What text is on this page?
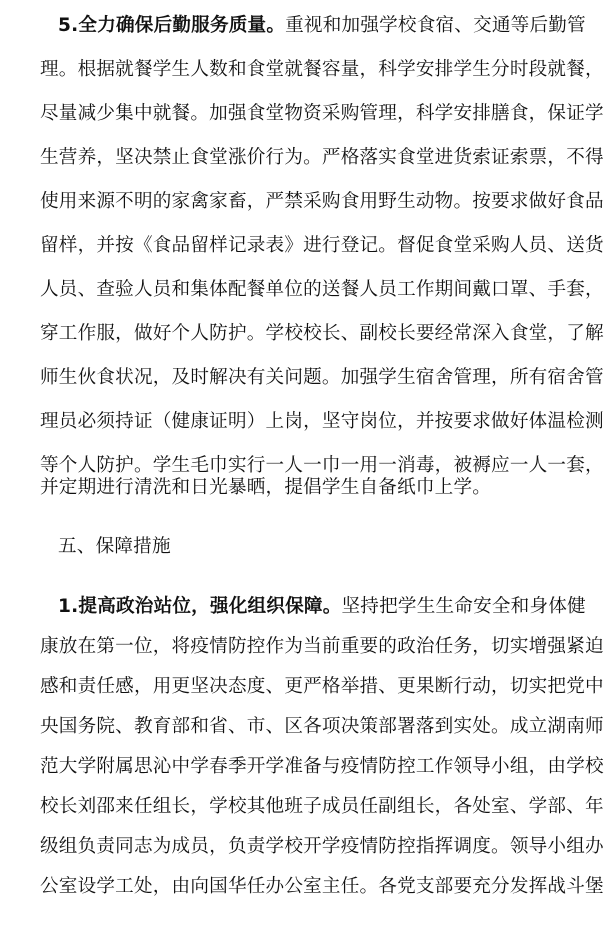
5.全力确保后勤服务质量。重视和加强学校食宿、交通等后勤管
理。根据就餐学生人数和食堂就餐容量，科学安排学生分时段就餐，
尽量减少集中就餐。加强食堂物资采购管理，科学安排膳食，保证学
生营养，坚决禁止食堂涨价行为。严格落实食堂进货索证索票，不得
使用来源不明的家禽家畜，严禁采购食用野生动物。按要求做好食品
留样，并按《食品留样记录表》进行登记。督促食堂采购人员、送货
人员、查验人员和集体配餐单位的送餐人员工作期间戴口罩、手套，
穿工作服，做好个人防护。学校校长、副校长要经常深入食堂，了解
师生伙食状况，及时解决有关问题。加强学生宿舍管理，所有宿舍管
理员必须持证（健康证明）上岗，坚守岗位，并按要求做好体温检测
等个人防护。学生毛巾实行一人一巾一用一消毒，被褥应一人一套，
并定期进行清洗和日光暴晒，提倡学生自备纸巾上学。
五、保障措施
1.提高政治站位，强化组织保障。坚持把学生生命安全和身体健
康放在第一位，将疫情防控作为当前重要的政治任务，切实增强紧迫
感和责任感，用更坚决态度、更严格举措、更果断行动，切实把党中
央国务院、教育部和省、市、区各项决策部署落到实处。成立湖南师
范大学附属思沁中学春季开学准备与疫情防控工作领导小组，由学校
校长刘邵来任组长，学校其他班子成员任副组长，各处室、学部、年
级组负责同志为成员，负责学校开学疫情防控指挥调度。领导小组办
公室设学工处，由向国华任办公室主任。各党支部要充分发挥战斗堡
